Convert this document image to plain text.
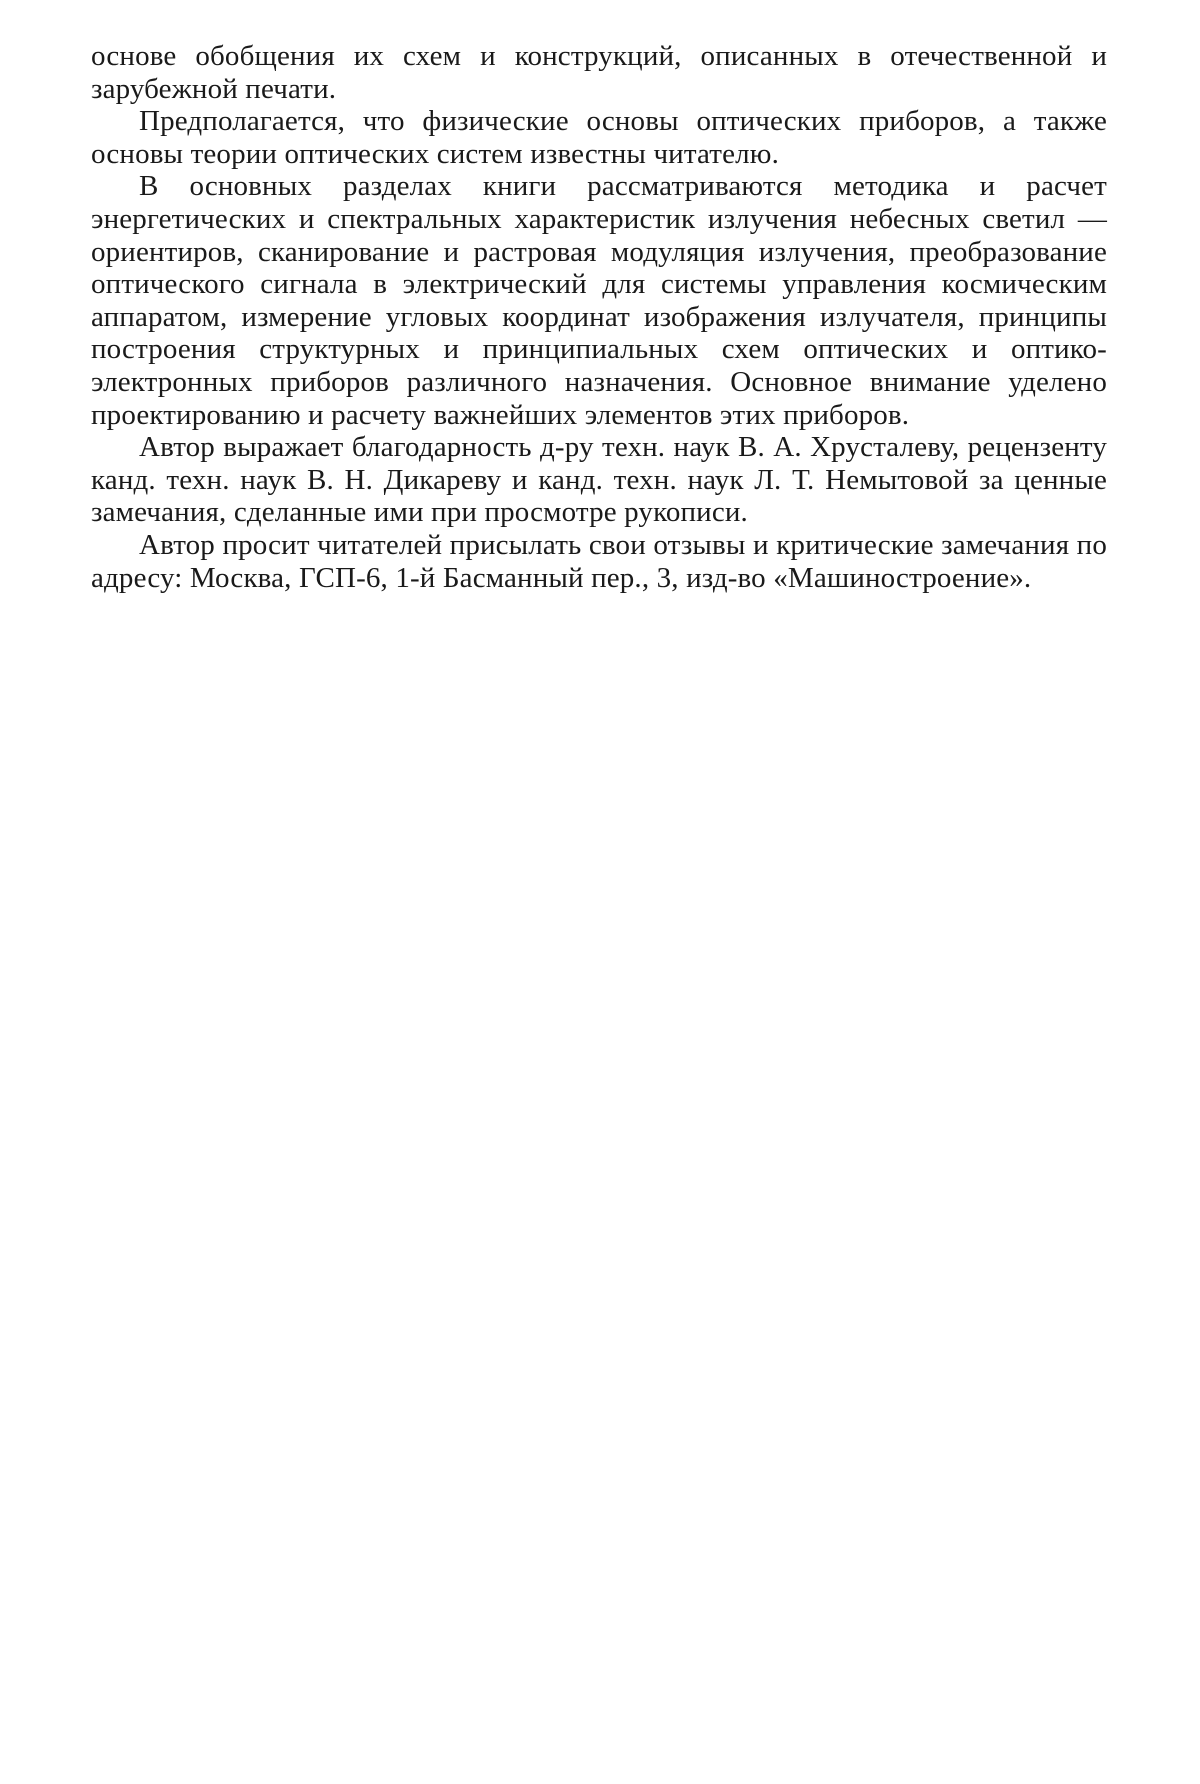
основе обобщения их схем и конструкций, описанных в отечественной и зарубежной печати.

Предполагается, что физические основы оптических приборов, а также основы теории оптических систем известны читателю.

В основных разделах книги рассматриваются методика и расчет энергетических и спектральных характеристик излучения небесных светил — ориентиров, сканирование и растровая модуляция излучения, преобразование оптического сигнала в электрический для системы управления космическим аппаратом, измерение угловых координат изображения излучателя, принципы построения структурных и принципиальных схем оптических и оптико-электронных приборов различного назначения. Основное внимание уделено проектированию и расчету важнейших элементов этих приборов.

Автор выражает благодарность д-ру техн. наук В. А. Хрусталеву, рецензенту канд. техн. наук В. Н. Дикареву и канд. техн. наук Л. Т. Немытовой за ценные замечания, сделанные ими при просмотре рукописи.

Автор просит читателей присылать свои отзывы и критические замечания по адресу: Москва, ГСП-6, 1-й Басманный пер., 3, изд-во «Машиностроение».
